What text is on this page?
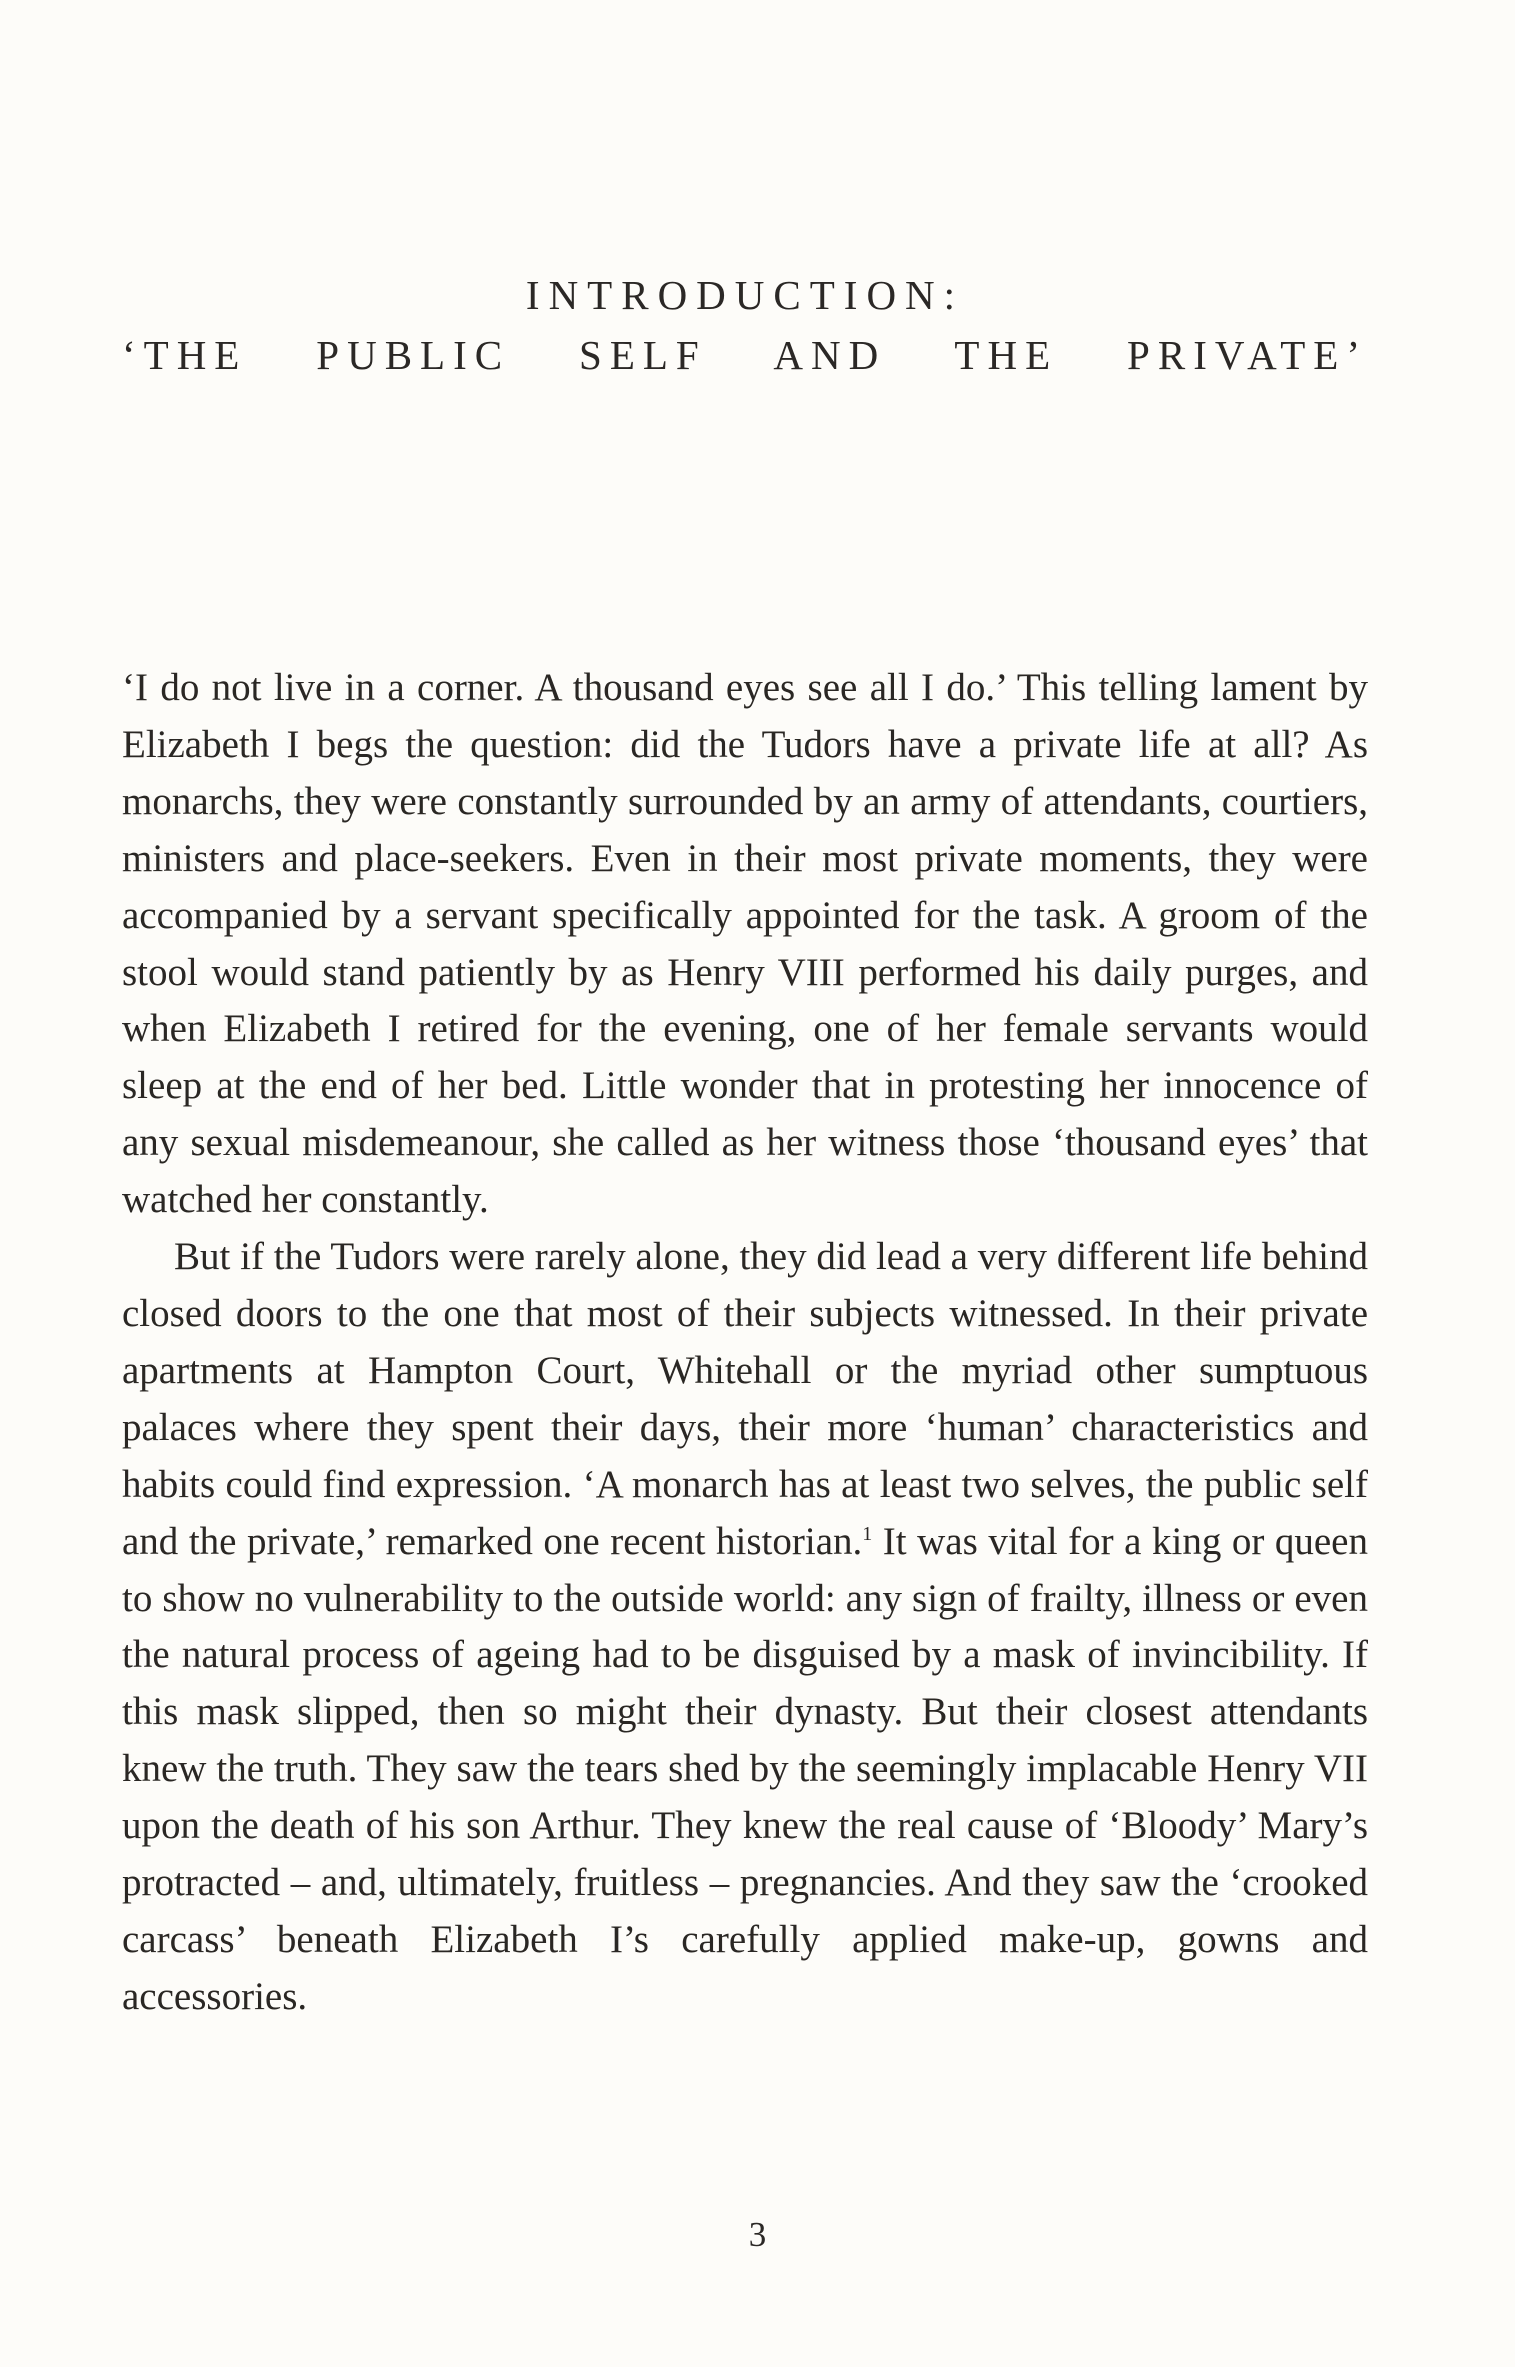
INTRODUCTION:
‘THE PUBLIC SELF AND THE PRIVATE’

‘I do not live in a corner. A thousand eyes see all I do.’ This telling lament by Elizabeth I begs the question: did the Tudors have a private life at all? As monarchs, they were constantly surrounded by an army of attendants, courtiers, ministers and place-seekers. Even in their most private moments, they were accompanied by a servant specifically appointed for the task. A groom of the stool would stand patiently by as Henry VIII performed his daily purges, and when Elizabeth I retired for the evening, one of her female servants would sleep at the end of her bed. Little wonder that in protesting her innocence of any sexual misdemeanour, she called as her witness those ‘thousand eyes’ that watched her constantly.

But if the Tudors were rarely alone, they did lead a very different life behind closed doors to the one that most of their subjects witnessed. In their private apartments at Hampton Court, Whitehall or the myriad other sumptuous palaces where they spent their days, their more ‘human’ characteristics and habits could find expression. ‘A monarch has at least two selves, the public self and the private,’ remarked one recent historian.$^1$ It was vital for a king or queen to show no vulnerability to the outside world: any sign of frailty, illness or even the natural process of ageing had to be disguised by a mask of invincibility. If this mask slipped, then so might their dynasty. But their closest attendants knew the truth. They saw the tears shed by the seemingly implacable Henry VII upon the death of his son Arthur. They knew the real cause of ‘Bloody’ Mary’s protracted – and, ultimately, fruitless – pregnancies. And they saw the ‘crooked carcass’ beneath Elizabeth I’s carefully applied make-up, gowns and accessories.

3
